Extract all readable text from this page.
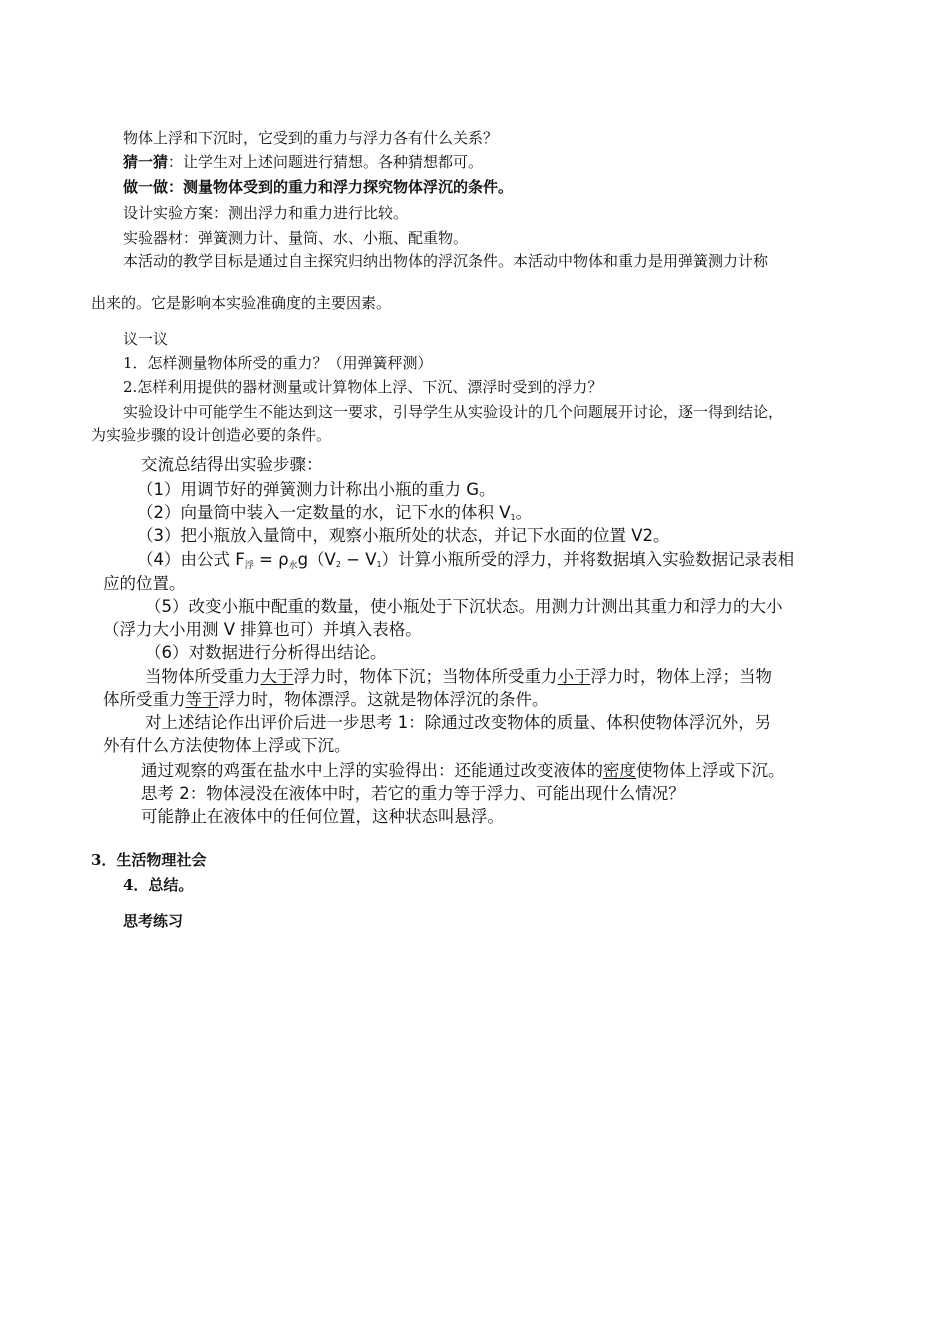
物体上浮和下沉时，它受到的重力与浮力各有什么关系？
猜一猜：让学生对上述问题进行猜想。各种猜想都可。
做一做：测量物体受到的重力和浮力探究物体浮沉的条件。
设计实验方案：测出浮力和重力进行比较。
实验器材：弹簧测力计、量筒、水、小瓶、配重物。
本活动的教学目标是通过自主探究归纳出物体的浮沉条件。本活动中物体和重力是用弹簧测力计称
出来的。它是影响本实验准确度的主要因素。
议一议
1．怎样测量物体所受的重力？（用弹簧秤测）
2.怎样利用提供的器材测量或计算物体上浮、下沉、漂浮时受到的浮力？
实验设计中可能学生不能达到这一要求，引导学生从实验设计的几个问题展开讨论，逐一得到结论，
为实验步骤的设计创造必要的条件。
交流总结得出实验步骤：
（1）用调节好的弹簧测力计称出小瓶的重力 G。
（2）向量筒中装入一定数量的水，记下水的体积 $V_1$。
（3）把小瓶放入量筒中，观察小瓶所处的状态，并记下水面的位置 V2。
（4）由公式 F浮 = ρ水$g(V_2 - V_1)$计算小瓶所受的浮力，并将数据填入实验数据记录表相
应的位置。
（5）改变小瓶中配重的数量，使小瓶处于下沉状态。用测力计测出其重力和浮力的大小
（浮力大小用测 V 排算也可）并填入表格。
（6）对数据进行分析得出结论。
当物体所受重力大于浮力时，物体下沉；当物体所受重力小于浮力时，物体上浮；当物
体所受重力等于浮力时，物体漂浮。这就是物体浮沉的条件。
对上述结论作出评价后进一步思考 1：除通过改变物体的质量、体积使物体浮沉外，另
外有什么方法使物体上浮或下沉。
通过观察的鸡蛋在盐水中上浮的实验得出：还能通过改变液体的密度使物体上浮或下沉。
思考 2：物体浸没在液体中时，若它的重力等于浮力、可能出现什么情况？
可能静止在液体中的任何位置，这种状态叫悬浮。
3．生活物理社会
4．总结。
思考练习
